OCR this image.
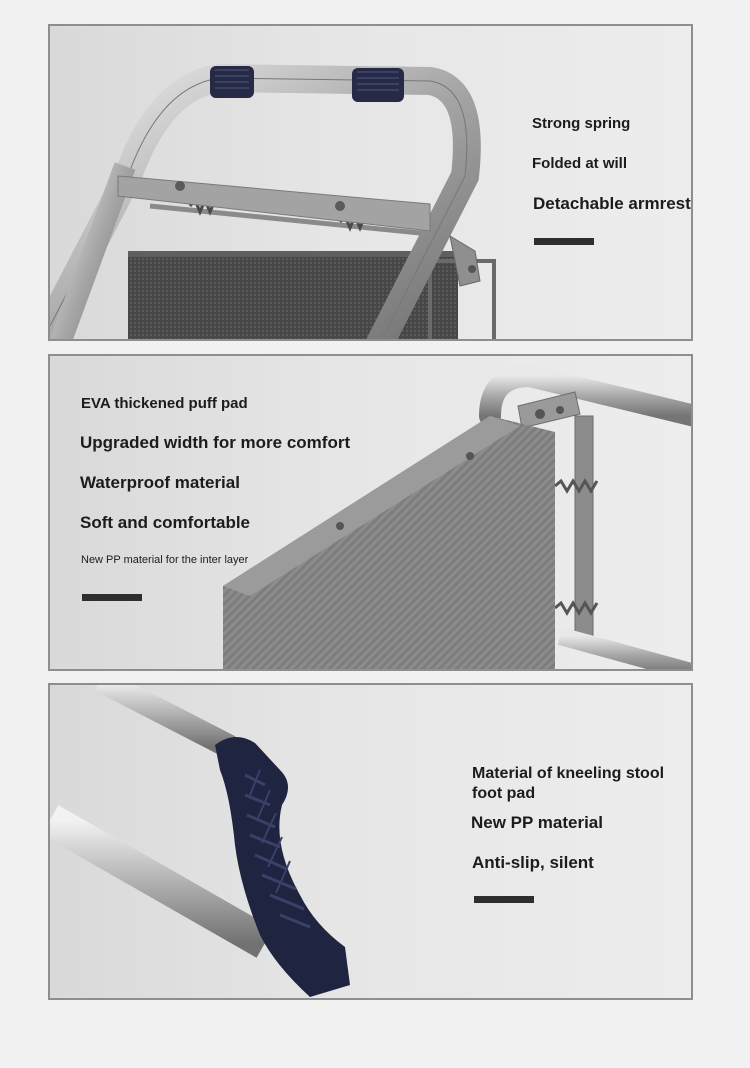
Strong spring

Folded at will

Detachable armrest

EVA thickened puff pad

Upgraded width for more comfort

Waterproof material

Soft and comfortable

New PP material for the inter layer

Material of kneeling stool
foot pad

New PP material

Anti-slip, silent
